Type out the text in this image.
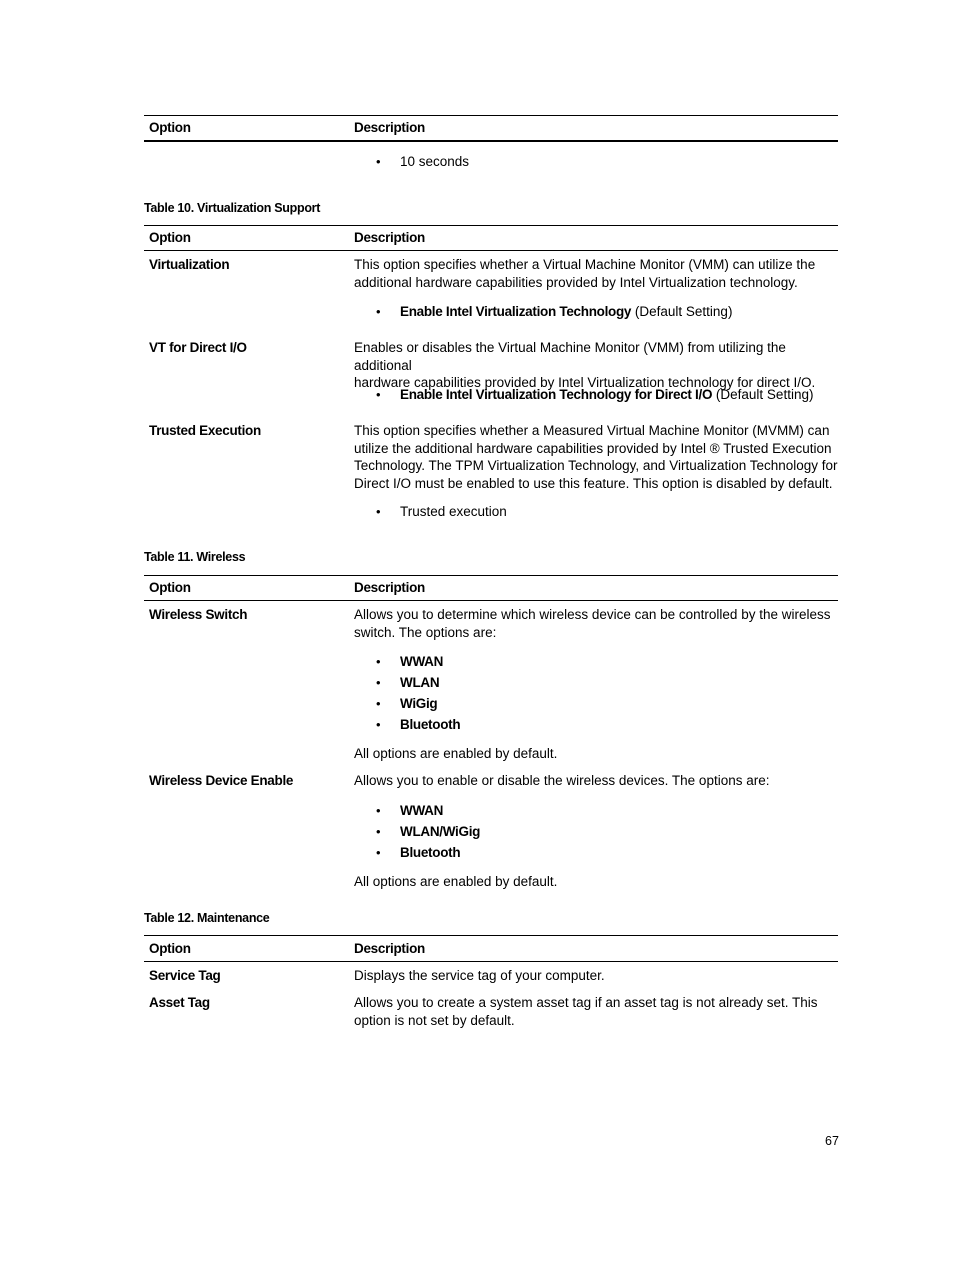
Option	Description
• 10 seconds
Table 10. Virtualization Support
Option	Description
Virtualization	This option specifies whether a Virtual Machine Monitor (VMM) can utilize the
additional hardware capabilities provided by Intel Virtualization technology.
• Enable Intel Virtualization Technology (Default Setting)
VT for Direct I/O	Enables or disables the Virtual Machine Monitor (VMM) from utilizing the additional
hardware capabilities provided by Intel Virtualization technology for direct I/O.
• Enable Intel Virtualization Technology for Direct I/O (Default Setting)
Trusted Execution	This option specifies whether a Measured Virtual Machine Monitor (MVMM) can
utilize the additional hardware capabilities provided by Intel ® Trusted Execution
Technology. The TPM Virtualization Technology, and Virtualization Technology for
Direct I/O must be enabled to use this feature. This option is disabled by default.
• Trusted execution
Table 11. Wireless
Option	Description
Wireless Switch	Allows you to determine which wireless device can be controlled by the wireless
switch. The options are:
• WWAN
• WLAN
• WiGig
• Bluetooth
All options are enabled by default.
Wireless Device Enable	Allows you to enable or disable the wireless devices. The options are:
• WWAN
• WLAN/WiGig
• Bluetooth
All options are enabled by default.
Table 12. Maintenance
Option	Description
Service Tag	Displays the service tag of your computer.
Asset Tag	Allows you to create a system asset tag if an asset tag is not already set. This
option is not set by default.
67
